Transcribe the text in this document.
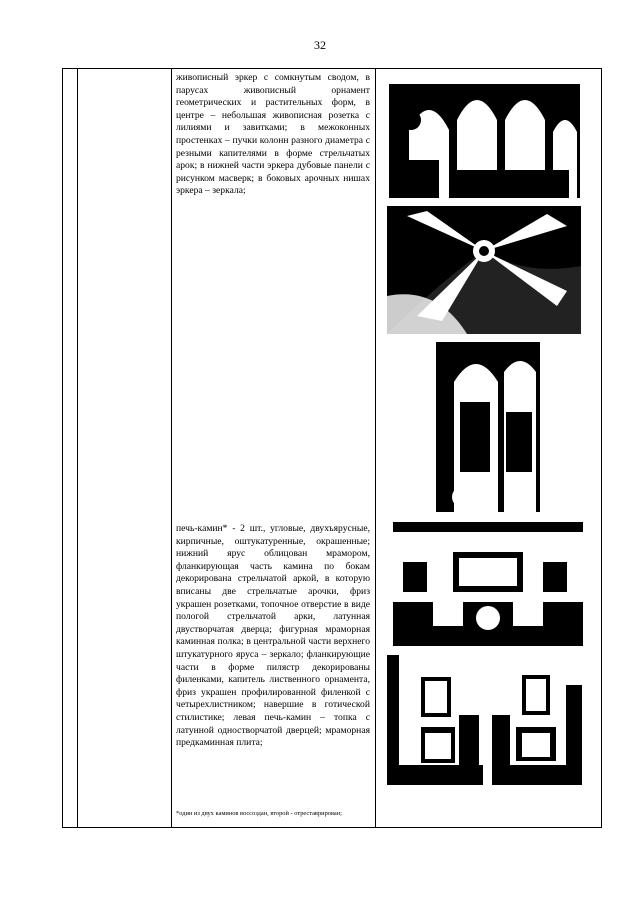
32

живописный эркер с сомкнутым сводом, в парусах живописный орнамент геометрических и растительных форм, в центре – небольшая живописная розетка с лилиями и завитками; в межоконных простенках – пучки колонн разного диаметра с резными капителями в форме стрельчатых арок; в нижней части эркера дубовые панели с рисунком масверк; в боковых арочных нишах эркера – зеркала;

печь-камин* - 2 шт., угловые, двухъярусные, кирпичные, оштукатуренные, окрашенные; нижний ярус облицован мрамором, фланкирующая часть камина по бокам декорирована стрельчатой аркой, в которую вписаны две стрельчатые арочки, фриз украшен розетками, топочное отверстие в виде пологой стрельчатой арки, латунная двустворчатая дверца; фигурная мраморная каминная полка; в центральной части верхнего штукатурного яруса – зеркало; фланкирующие части в форме пилястр декорированы филенками, капитель лиственного орнамента, фриз украшен профилированной филенкой с четырехлистником; навершие в готической стилистике; левая печь-камин – топка с латунной одностворчатой дверцей; мраморная предкаминная плита;

*один из двух каминов воссоздан, второй - отреставрирован;
